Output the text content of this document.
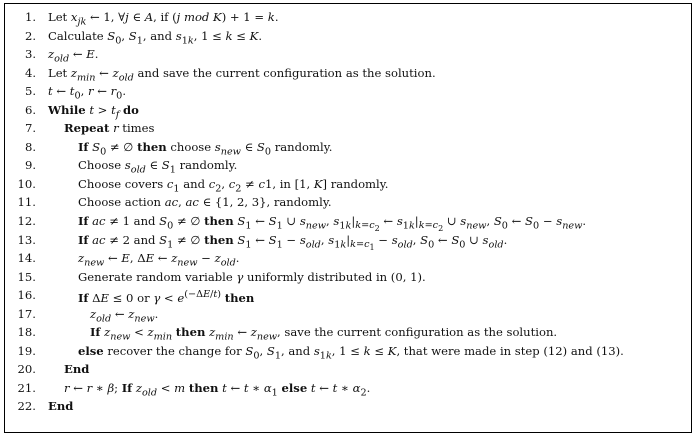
1. Let $x_{jk}$ ← 1, ∀j ∈ A, if (j mod K) + 1 = k.
2. Calculate $S_0$, $S_1$, and $s_{1k}$, 1 ≤ k ≤ K.
3. $z_{old}$ ← E.
4. Let $z_{min}$ ← $z_{old}$ and save the current configuration as the solution.
5. t ← $t_0$, r ← $r_0$.
6. While $t > t_f$ do
7. Repeat r times
8.	If $S_0$ ≠ ∅ then choose $s_{new}$ ∈ $S_0$ randomly.
9.	Choose $s_{old}$ ∈ $S_1$ randomly.
10.	Choose covers $c_1$ and $c_2$, $c_2 \ne c1$, in [1, K] randomly.
11.	Choose action ac, ac ∈ {1, 2, 3}, randomly.
12.	If ac ≠ 1 and $S_0$ ≠ ∅ then $S_1$ ← $S_1$ ∪ $s_{new}$, $s_{1k}|_{k=c_2}$ ← $s_{1k}|_{k=c_2}$ ∪ $s_{new}$, $S_0$ ← $S_0 - s_{new}$.
13.	If ac ≠ 2 and $S_1$ ≠ ∅ then $S_1$ ← $S_1 - s_{old}$, $s_{1k}|_{k=c_1} - s_{old}$, $S_0$ ← $S_0$ ∪ $s_{old}$.
14.	$z_{new}$ ← E, ΔE ← $z_{new} - z_{old}$.
15.	Generate random variable γ uniformly distributed in (0, 1).
16.	If ΔE ≤ 0 or $\gamma < e^{(-\Delta E/t)}$ then
17.	$z_{old}$ ← $z_{new}$.
18.	If $z_{new} < z_{min}$ then $z_{min}$ ← $z_{new}$, save the current configuration as the solution.
19.	else recover the change for $S_0$, $S_1$, and $s_{1k}$, 1 ≤ k ≤ K, that were made in step (12) and (13).
20. End
21. r ← r ∗ β; If $z_{old} < m$ then t ← t ∗ $\alpha_1$ else t ← t ∗ $\alpha_2$.
22. End
